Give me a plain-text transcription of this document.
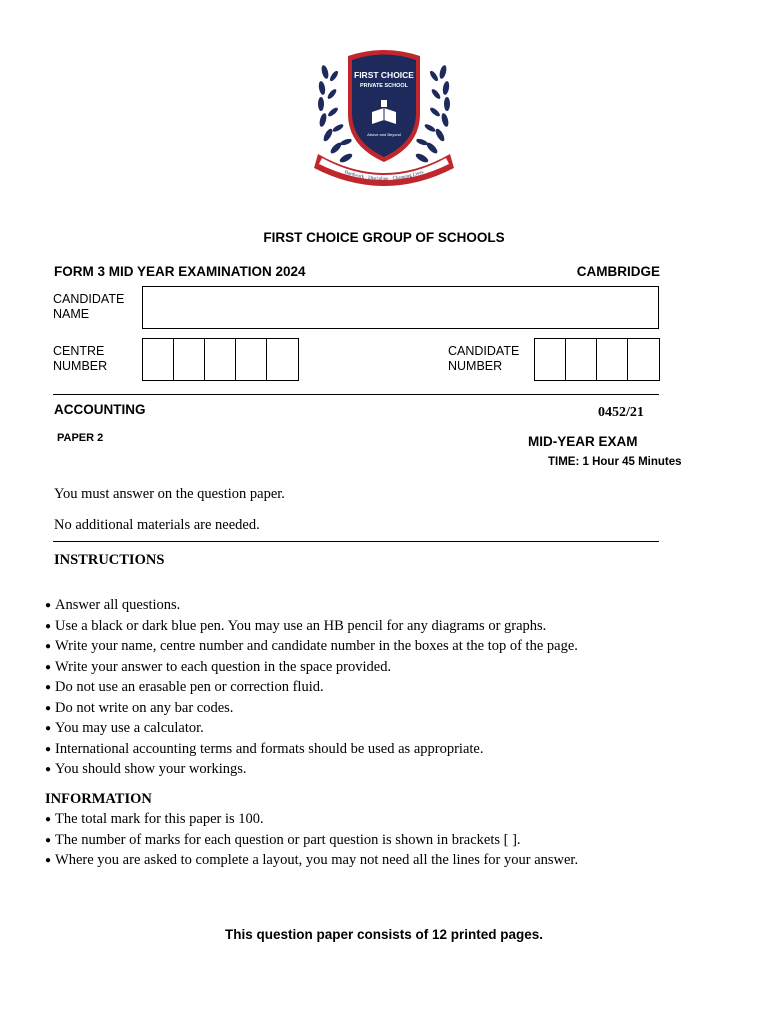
FIRST CHOICE
PRIVATE SCHOOL
Above and Beyond
Hardwork · Discipline · Changing Lives
FIRST CHOICE GROUP OF SCHOOLS
FORM 3 MID YEAR EXAMINATION 2024	CAMBRIDGE
CANDIDATE
NAME
CENTRE
NUMBER
CANDIDATE
NUMBER
ACCOUNTING	0452/21
PAPER 2	MID-YEAR EXAM
TIME: 1 Hour 45 Minutes
You must answer on the question paper.
No additional materials are needed.
INSTRUCTIONS
● Answer all questions.
● Use a black or dark blue pen. You may use an HB pencil for any diagrams or graphs.
● Write your name, centre number and candidate number in the boxes at the top of the page.
● Write your answer to each question in the space provided.
● Do not use an erasable pen or correction fluid.
● Do not write on any bar codes.
● You may use a calculator.
● International accounting terms and formats should be used as appropriate.
● You should show your workings.
INFORMATION
● The total mark for this paper is 100.
● The number of marks for each question or part question is shown in brackets [ ].
● Where you are asked to complete a layout, you may not need all the lines for your answer.
This question paper consists of 12 printed pages.
